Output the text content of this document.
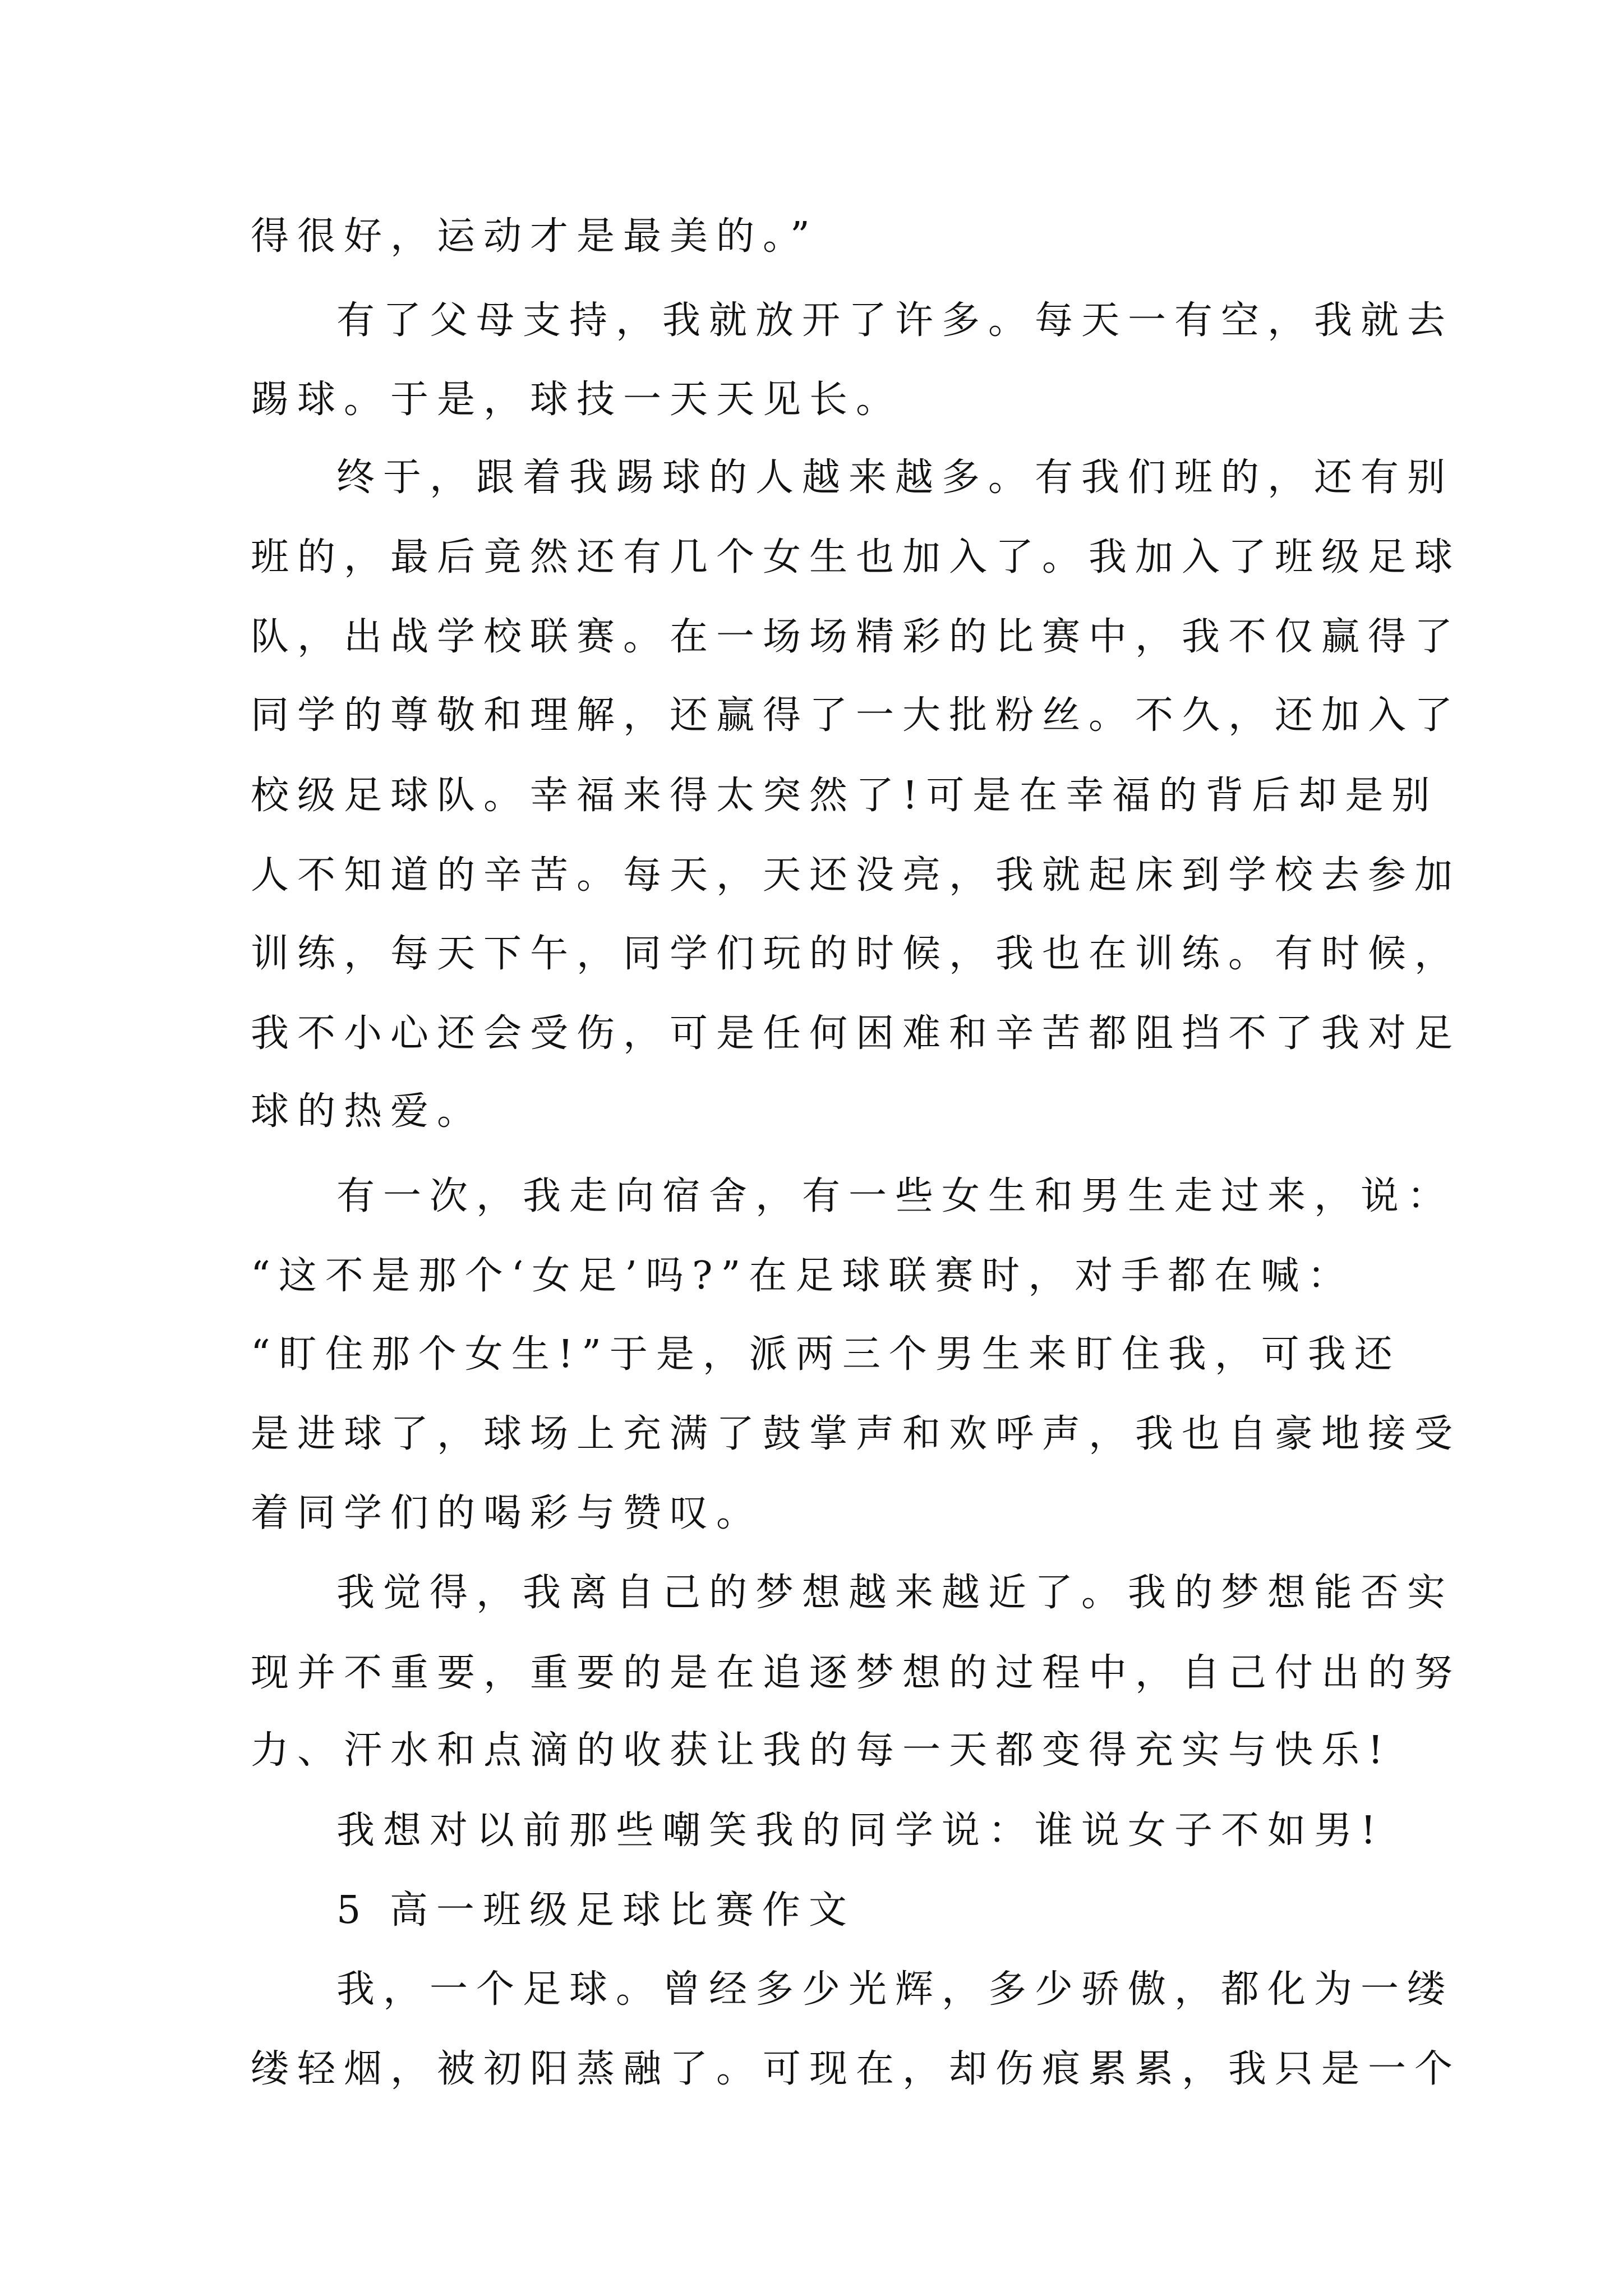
得很好，运动才是最美的。”
有了父母支持，我就放开了许多。每天一有空，我就去
踢球。于是，球技一天天见长。
终于，跟着我踢球的人越来越多。有我们班的，还有别
班的，最后竟然还有几个女生也加入了。我加入了班级足球
队，出战学校联赛。在一场场精彩的比赛中，我不仅赢得了
同学的尊敬和理解，还赢得了一大批粉丝。不久，还加入了
校级足球队。幸福来得太突然了!可是在幸福的背后却是别
人不知道的辛苦。每天，天还没亮，我就起床到学校去参加
训练，每天下午，同学们玩的时候，我也在训练。有时候，
我不小心还会受伤，可是任何困难和辛苦都阻挡不了我对足
球的热爱。
有一次，我走向宿舍，有一些女生和男生走过来，说：
“这不是那个‘女足’吗?”在足球联赛时，对手都在喊：
“盯住那个女生!”于是，派两三个男生来盯住我，可我还
是进球了，球场上充满了鼓掌声和欢呼声，我也自豪地接受
着同学们的喝彩与赞叹。
我觉得，我离自己的梦想越来越近了。我的梦想能否实
现并不重要，重要的是在追逐梦想的过程中，自己付出的努
力、汗水和点滴的收获让我的每一天都变得充实与快乐!
我想对以前那些嘲笑我的同学说：谁说女子不如男!
5 高一班级足球比赛作文
我，一个足球。曾经多少光辉，多少骄傲，都化为一缕
缕轻烟，被初阳蒸融了。可现在，却伤痕累累，我只是一个
